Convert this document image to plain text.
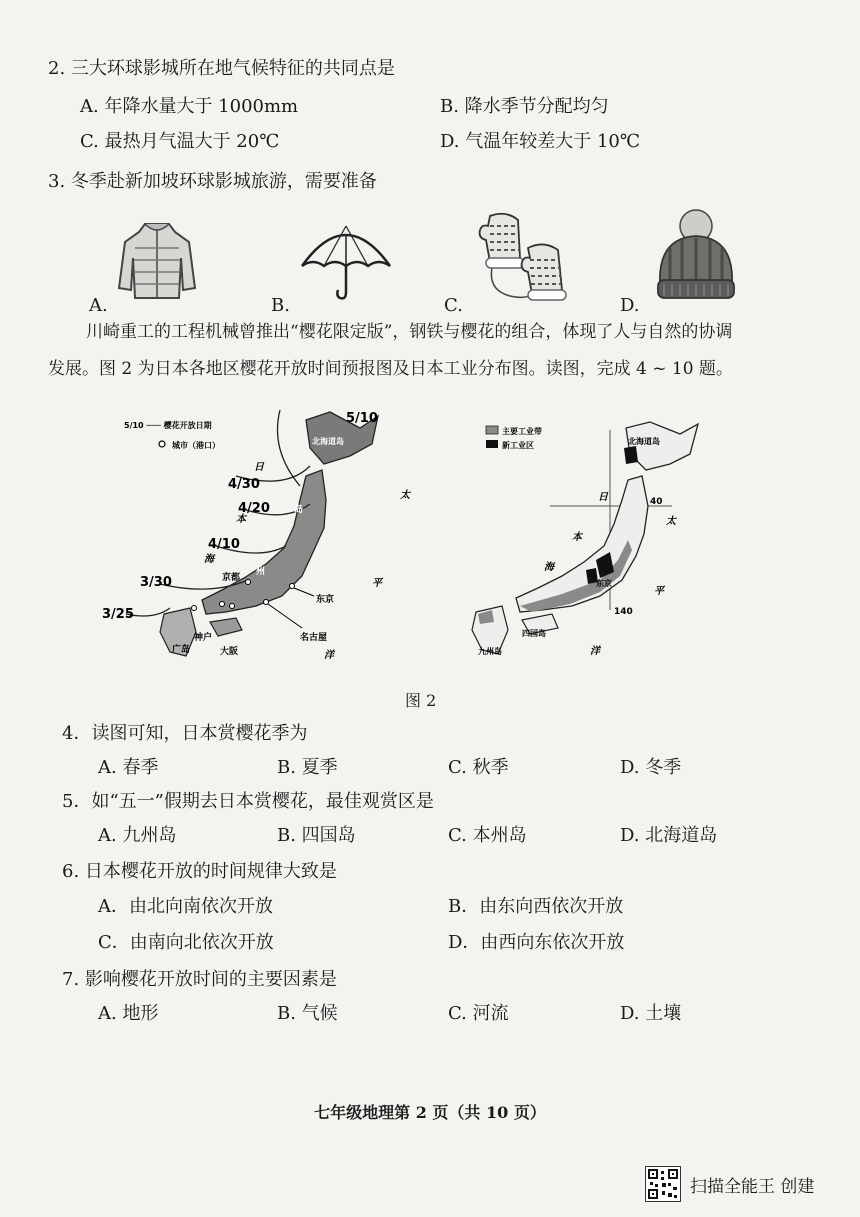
2. 三大环球影城所在地气候特征的共同点是
A. 年降水量大于 1000mm	B. 降水季节分配均匀
C. 最热月气温大于 20℃	D. 气温年较差大于 10℃
3. 冬季赴新加坡环球影城旅游，需要准备
A.	B.	C.	D.
川崎重工的工程机械曾推出“樱花限定版”，钢铁与樱花的组合，体现了人与自然的协调
发展。图 2 为日本各地区樱花开放时间预报图及日本工业分布图。读图，完成 4 ~ 10 题。
5/10 ─── 樱花开放日期
城市（港口）	北海道岛
5/10
4/30
4/20
4/10
3/30
3/25
日
本
海
太
平
洋
岛
州
京都
东京
神户
大阪
名古屋
广岛
主要工业带
新工业区
40
140
北海道岛
东京
四国岛
九州岛
日
本
海
太
平
洋
图 2
4．读图可知，日本赏樱花季为
A. 春季	B. 夏季	C. 秋季	D. 冬季
5．如“五一”假期去日本赏樱花，最佳观赏区是
A. 九州岛	B. 四国岛	C. 本州岛	D. 北海道岛
6. 日本樱花开放的时间规律大致是
A．由北向南依次开放	B．由东向西依次开放
C．由南向北依次开放	D．由西向东依次开放
7. 影响樱花开放时间的主要因素是
A. 地形	B. 气候	C. 河流	D. 土壤
七年级地理第 2 页（共 10 页）
扫描全能王 创建
